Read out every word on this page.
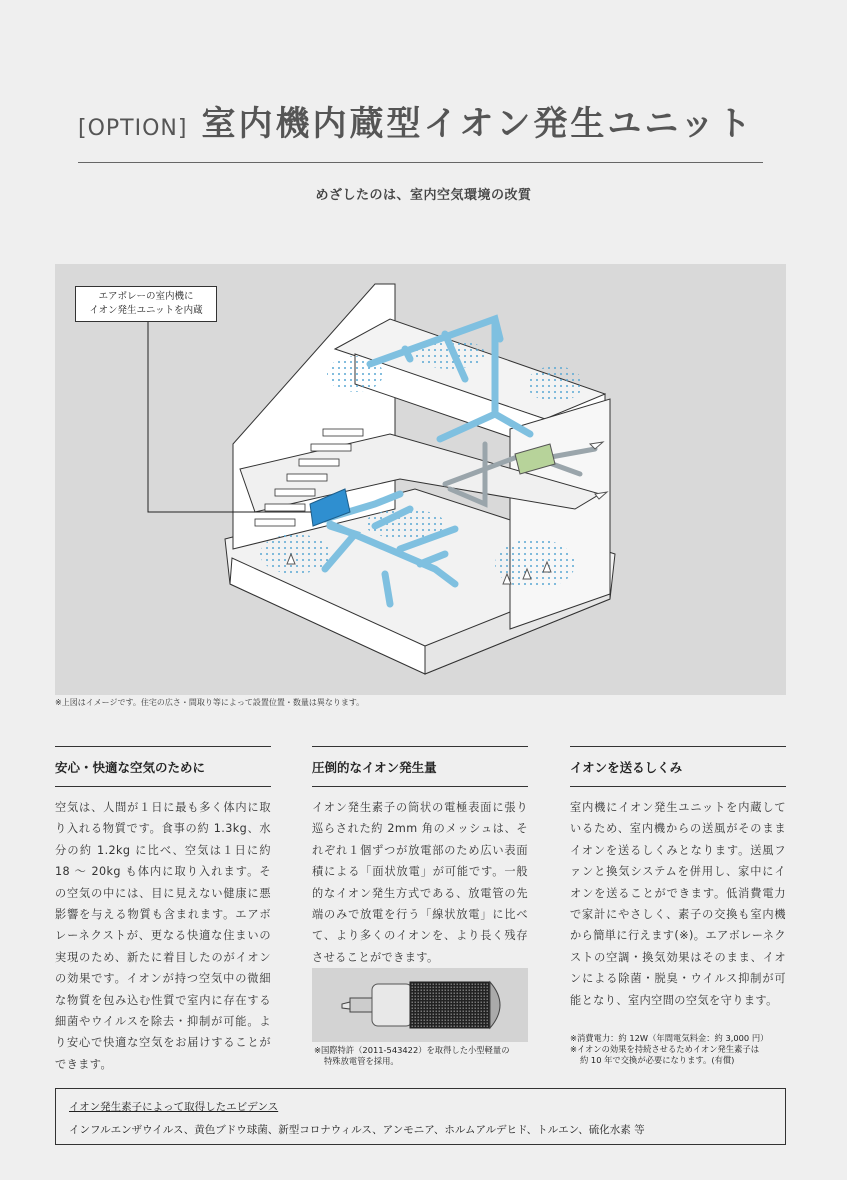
[OPTION] 室内機内蔵型イオン発生ユニット
めざしたのは、室内空気環境の改質
エアボレーの室内機に
イオン発生ユニットを内蔵
※上図はイメージです。住宅の広さ・間取り等によって設置位置・数量は異なります。
安心・快適な空気のために
空気は、人間が１日に最も多く体内に取り入れる物質です。食事の約 1.3kg、水分の約 1.2kg に比べ、空気は１日に約 18 〜 20kg も体内に取り入れます。その空気の中には、目に見えない健康に悪影響を与える物質も含まれます。エアボレーネクストが、更なる快適な住まいの実現のため、新たに着目したのがイオンの効果です。イオンが持つ空気中の微細な物質を包み込む性質で室内に存在する細菌やウイルスを除去・抑制が可能。より安心で快適な空気をお届けすることができます。
圧倒的なイオン発生量
イオン発生素子の筒状の電極表面に張り巡らされた約 2mm 角のメッシュは、それぞれ１個ずつが放電部のため広い表面積による「面状放電」が可能です。一般的なイオン発生方式である、放電管の先端のみで放電を行う「線状放電」に比べて、より多くのイオンを、より長く残存させることができます。
※国際特許（2011-543422）を取得した小型軽量の
特殊放電管を採用。
イオンを送るしくみ
室内機にイオン発生ユニットを内蔵しているため、室内機からの送風がそのままイオンを送るしくみとなります。送風ファンと換気システムを併用し、家中にイオンを送ることができます。低消費電力で家計にやさしく、素子の交換も室内機から簡単に行えます(※)。エアボレーネクストの空調・換気効果はそのまま、イオンによる除菌・脱臭・ウイルス抑制が可能となり、室内空間の空気を守ります。
※消費電力：約 12W（年間電気料金：約 3,000 円）
※イオンの効果を持続させるためイオン発生素子は
約 10 年で交換が必要になります。(有償)
イオン発生素子によって取得したエビデンス
インフルエンザウイルス、黄色ブドウ球菌、新型コロナウィルス、アンモニア、ホルムアルデヒド、トルエン、硫化水素 等
